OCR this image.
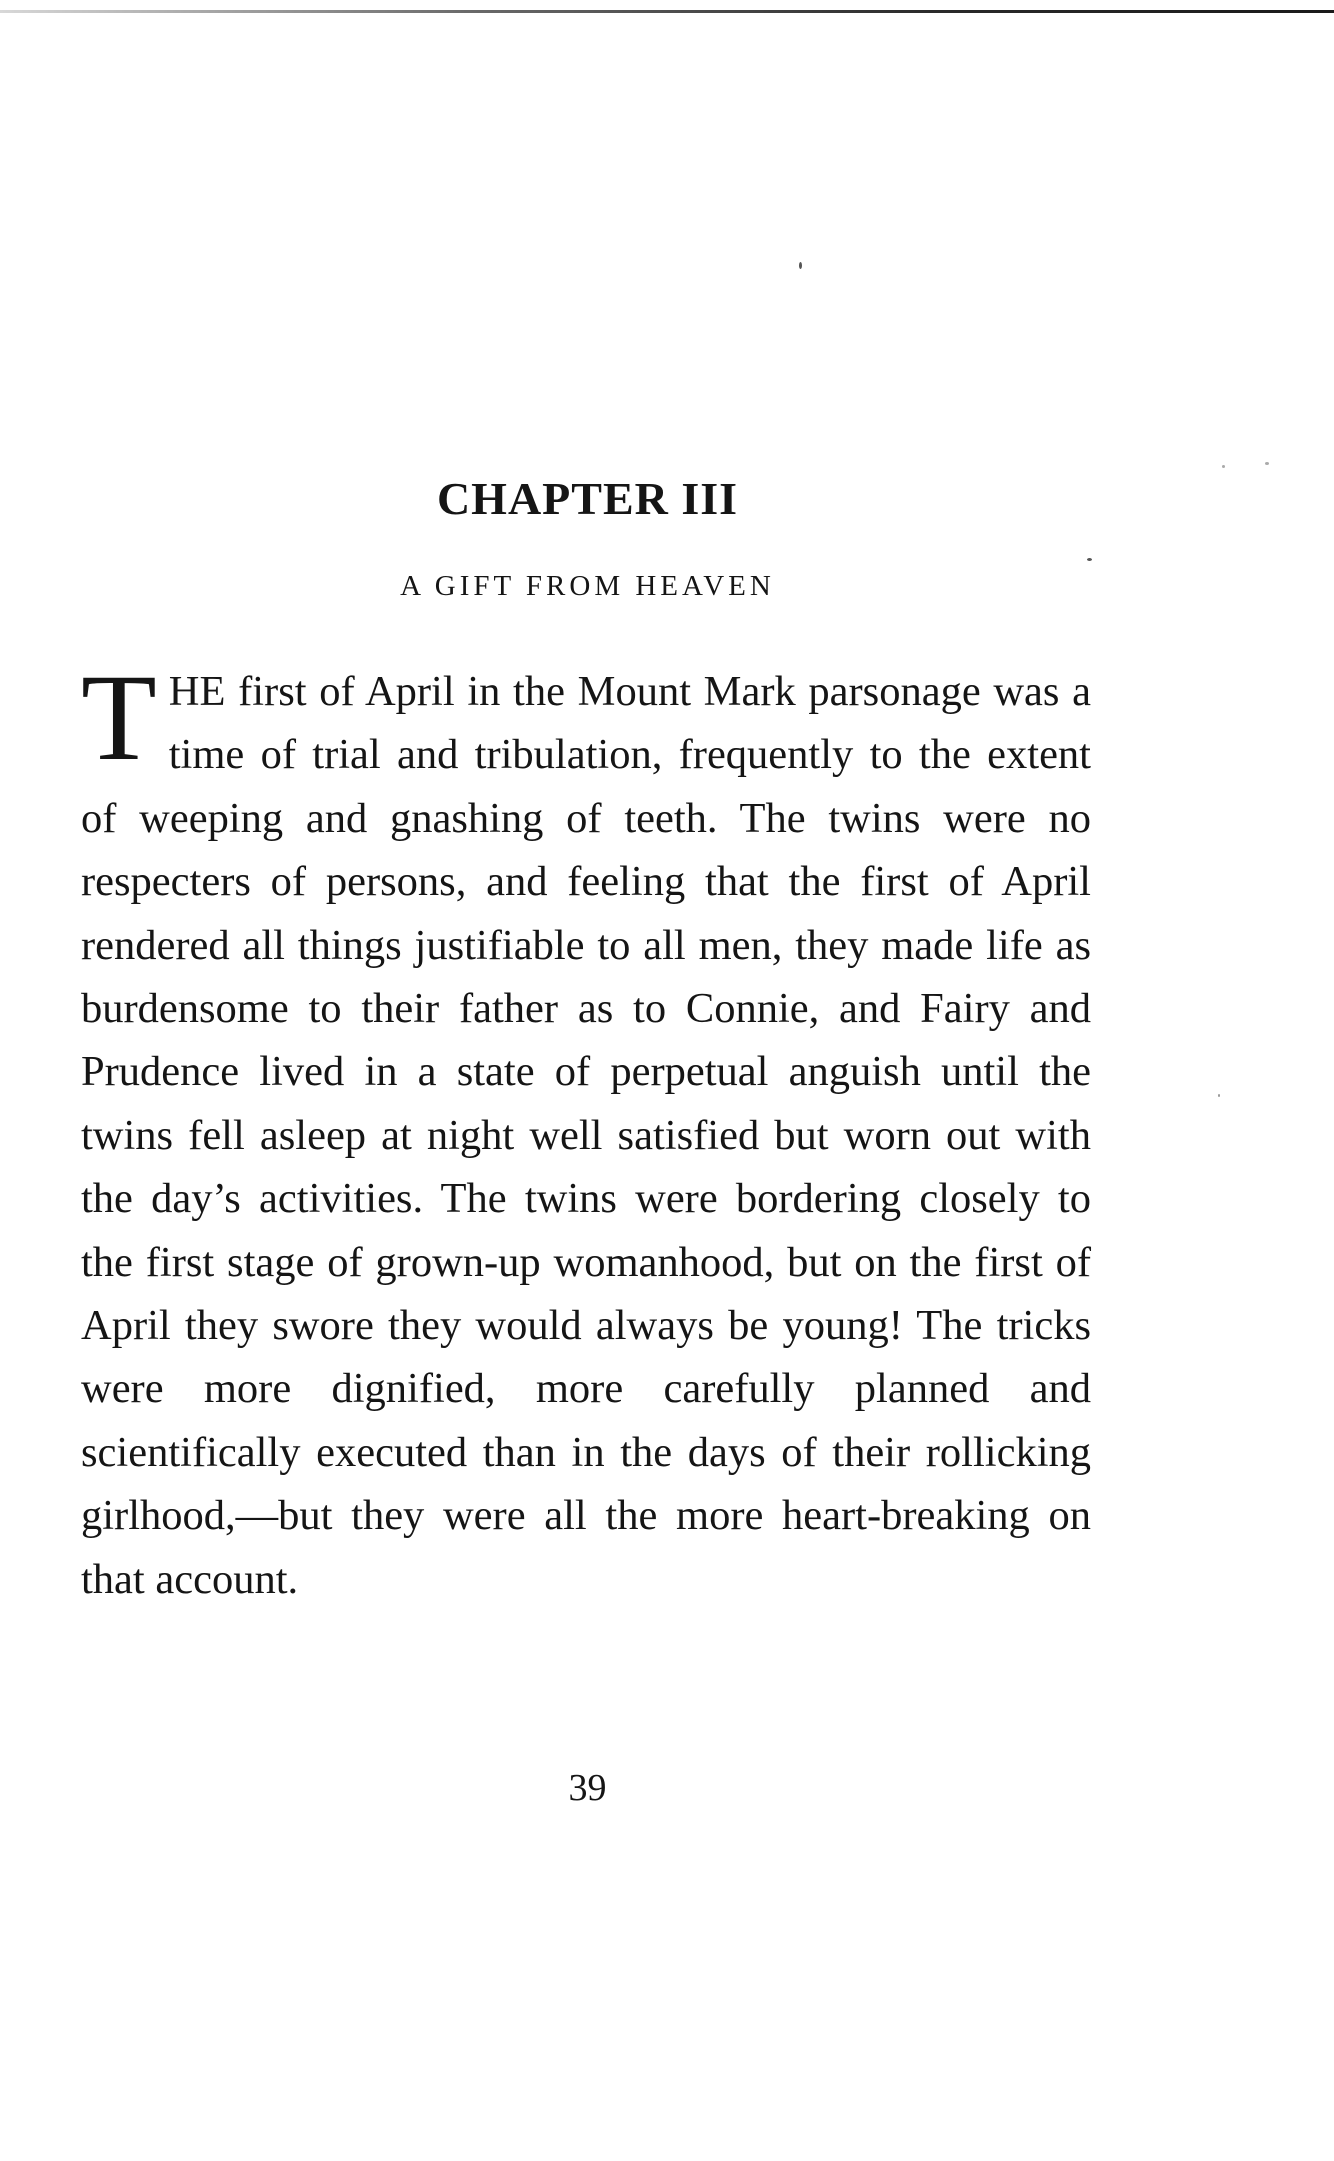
CHAPTER III
A GIFT FROM HEAVEN

THE first of April in the Mount Mark parsonage was a time of trial and tribulation, frequently to the extent of weeping and gnashing of teeth. The twins were no respecters of persons, and feeling that the first of April rendered all things justifiable to all men, they made life as burdensome to their father as to Connie, and Fairy and Prudence lived in a state of perpetual anguish until the twins fell asleep at night well satisfied but worn out with the day’s activities. The twins were bordering closely to the first stage of grown-up womanhood, but on the first of April they swore they would always be young! The tricks were more dignified, more carefully planned and scientifically executed than in the days of their rollicking girlhood,—but they were all the more heart-breaking on that account.

39
